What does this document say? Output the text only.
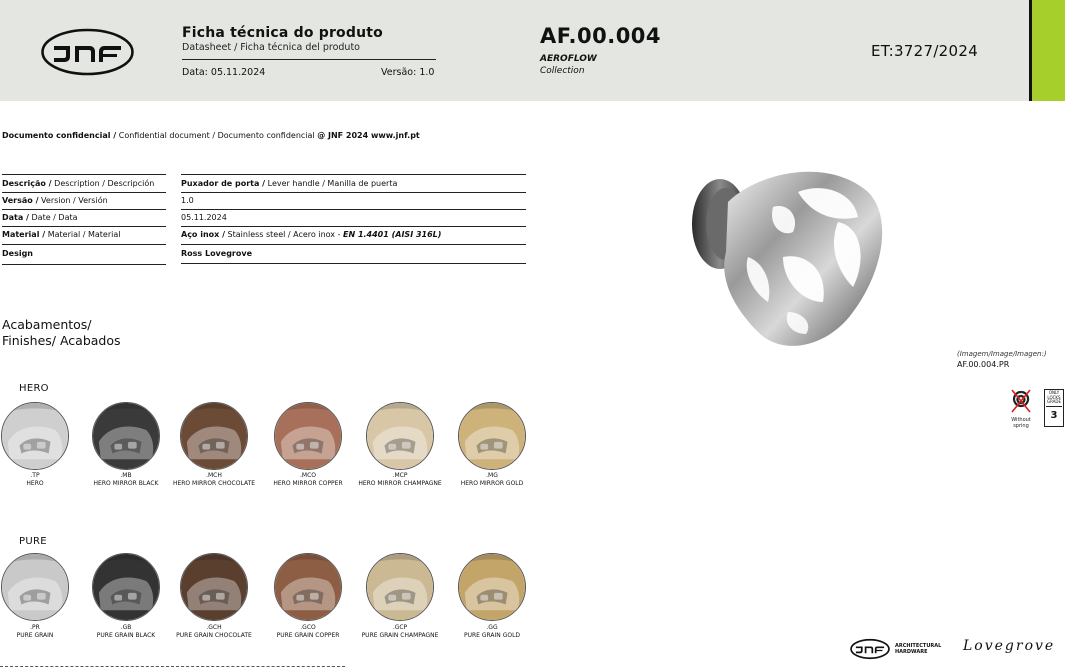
Ficha técnica do produto
Datasheet / Ficha técnica del produto
Data: 05.11.2024	Versão: 1.0
AF.00.004
AEROFLOW
Collection
ET:3727/2024
Documento confidencial / Confidential document / Documento confidencial @ JNF 2024 www.jnf.pt
Descrição / Description / Descripción	Puxador de porta / Lever handle / Manilla de puerta
Versão / Version / Versión	1.0
Data / Date / Data	05.11.2024
Material / Material / Material	Aço inox / Stainless steel / Acero inox - EN 1.4401 (AISI 316L)
Design	Ross Lovegrove
(Imagem/Image/Imagen:)
AF.00.004.PR
Without spring
ONLY LOCKS GRADE
3
Acabamentos/
Finishes/ Acabados
HERO
PURE
.TP
HERO
.MB
HERO MIRROR BLACK
.MCH
HERO MIRROR CHOCOLATE
.MCO
HERO MIRROR COPPER
.MCP
HERO MIRROR CHAMPAGNE
.MG
HERO MIRROR GOLD
.PR
PURE GRAIN
.GB
PURE GRAIN BLACK
.GCH
PURE GRAIN CHOCOLATE
.GCO
PURE GRAIN COPPER
.GCP
PURE GRAIN CHAMPAGNE
.GG
PURE GRAIN GOLD
ARCHITECTURAL
HARDWARE	Lovegrove
